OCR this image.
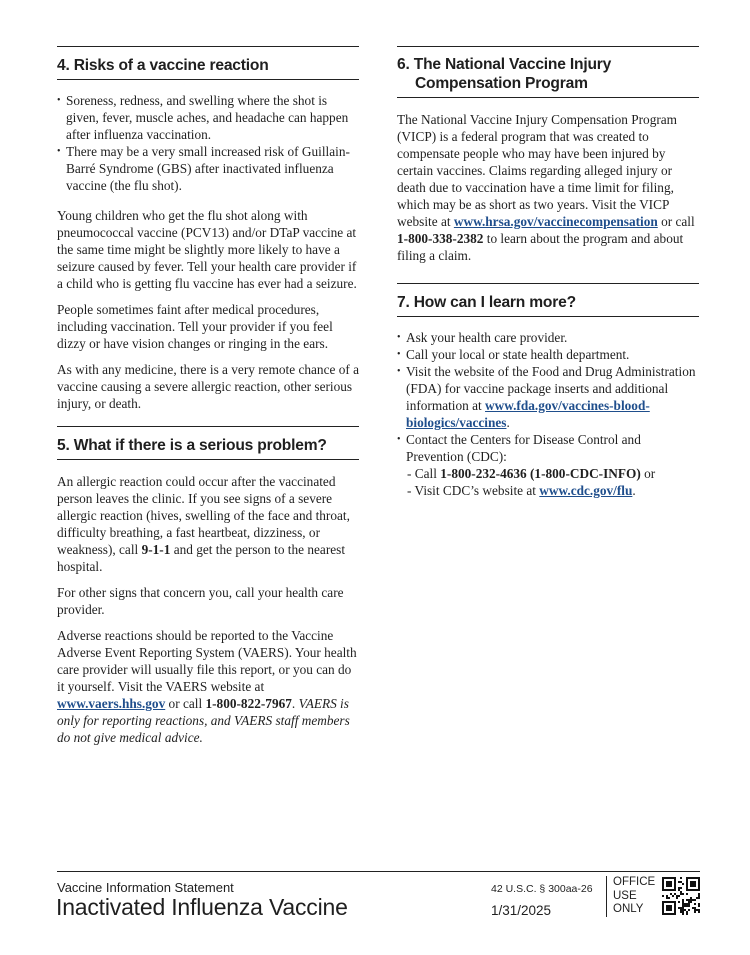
4. Risks of a vaccine reaction
• Soreness, redness, and swelling where the shot is given, fever, muscle aches, and headache can happen after influenza vaccination.
• There may be a very small increased risk of Guillain-Barré Syndrome (GBS) after inactivated influenza vaccine (the flu shot).

Young children who get the flu shot along with pneumococcal vaccine (PCV13) and/or DTaP vaccine at the same time might be slightly more likely to have a seizure caused by fever. Tell your health care provider if a child who is getting flu vaccine has ever had a seizure.

People sometimes faint after medical procedures, including vaccination. Tell your provider if you feel dizzy or have vision changes or ringing in the ears.

As with any medicine, there is a very remote chance of a vaccine causing a severe allergic reaction, other serious injury, or death.

5. What if there is a serious problem?

An allergic reaction could occur after the vaccinated person leaves the clinic. If you see signs of a severe allergic reaction (hives, swelling of the face and throat, difficulty breathing, a fast heartbeat, dizziness, or weakness), call 9-1-1 and get the person to the nearest hospital.

For other signs that concern you, call your health care provider.

Adverse reactions should be reported to the Vaccine Adverse Event Reporting System (VAERS). Your health care provider will usually file this report, or you can do it yourself. Visit the VAERS website at www.vaers.hhs.gov or call 1-800-822-7967. VAERS is only for reporting reactions, and VAERS staff members do not give medical advice.

6. The National Vaccine Injury Compensation Program

The National Vaccine Injury Compensation Program (VICP) is a federal program that was created to compensate people who may have been injured by certain vaccines. Claims regarding alleged injury or death due to vaccination have a time limit for filing, which may be as short as two years. Visit the VICP website at www.hrsa.gov/vaccinecompensation or call 1-800-338-2382 to learn about the program and about filing a claim.

7. How can I learn more?
• Ask your health care provider.
• Call your local or state health department.
• Visit the website of the Food and Drug Administration (FDA) for vaccine package inserts and additional information at www.fda.gov/vaccines-blood-biologics/vaccines.
• Contact the Centers for Disease Control and Prevention (CDC):
- Call 1-800-232-4636 (1-800-CDC-INFO) or
- Visit CDC’s website at www.cdc.gov/flu.
Vaccine Information Statement
Inactivated Influenza Vaccine
42 U.S.C. § 300aa-26
1/31/2025
OFFICE
USE
ONLY
